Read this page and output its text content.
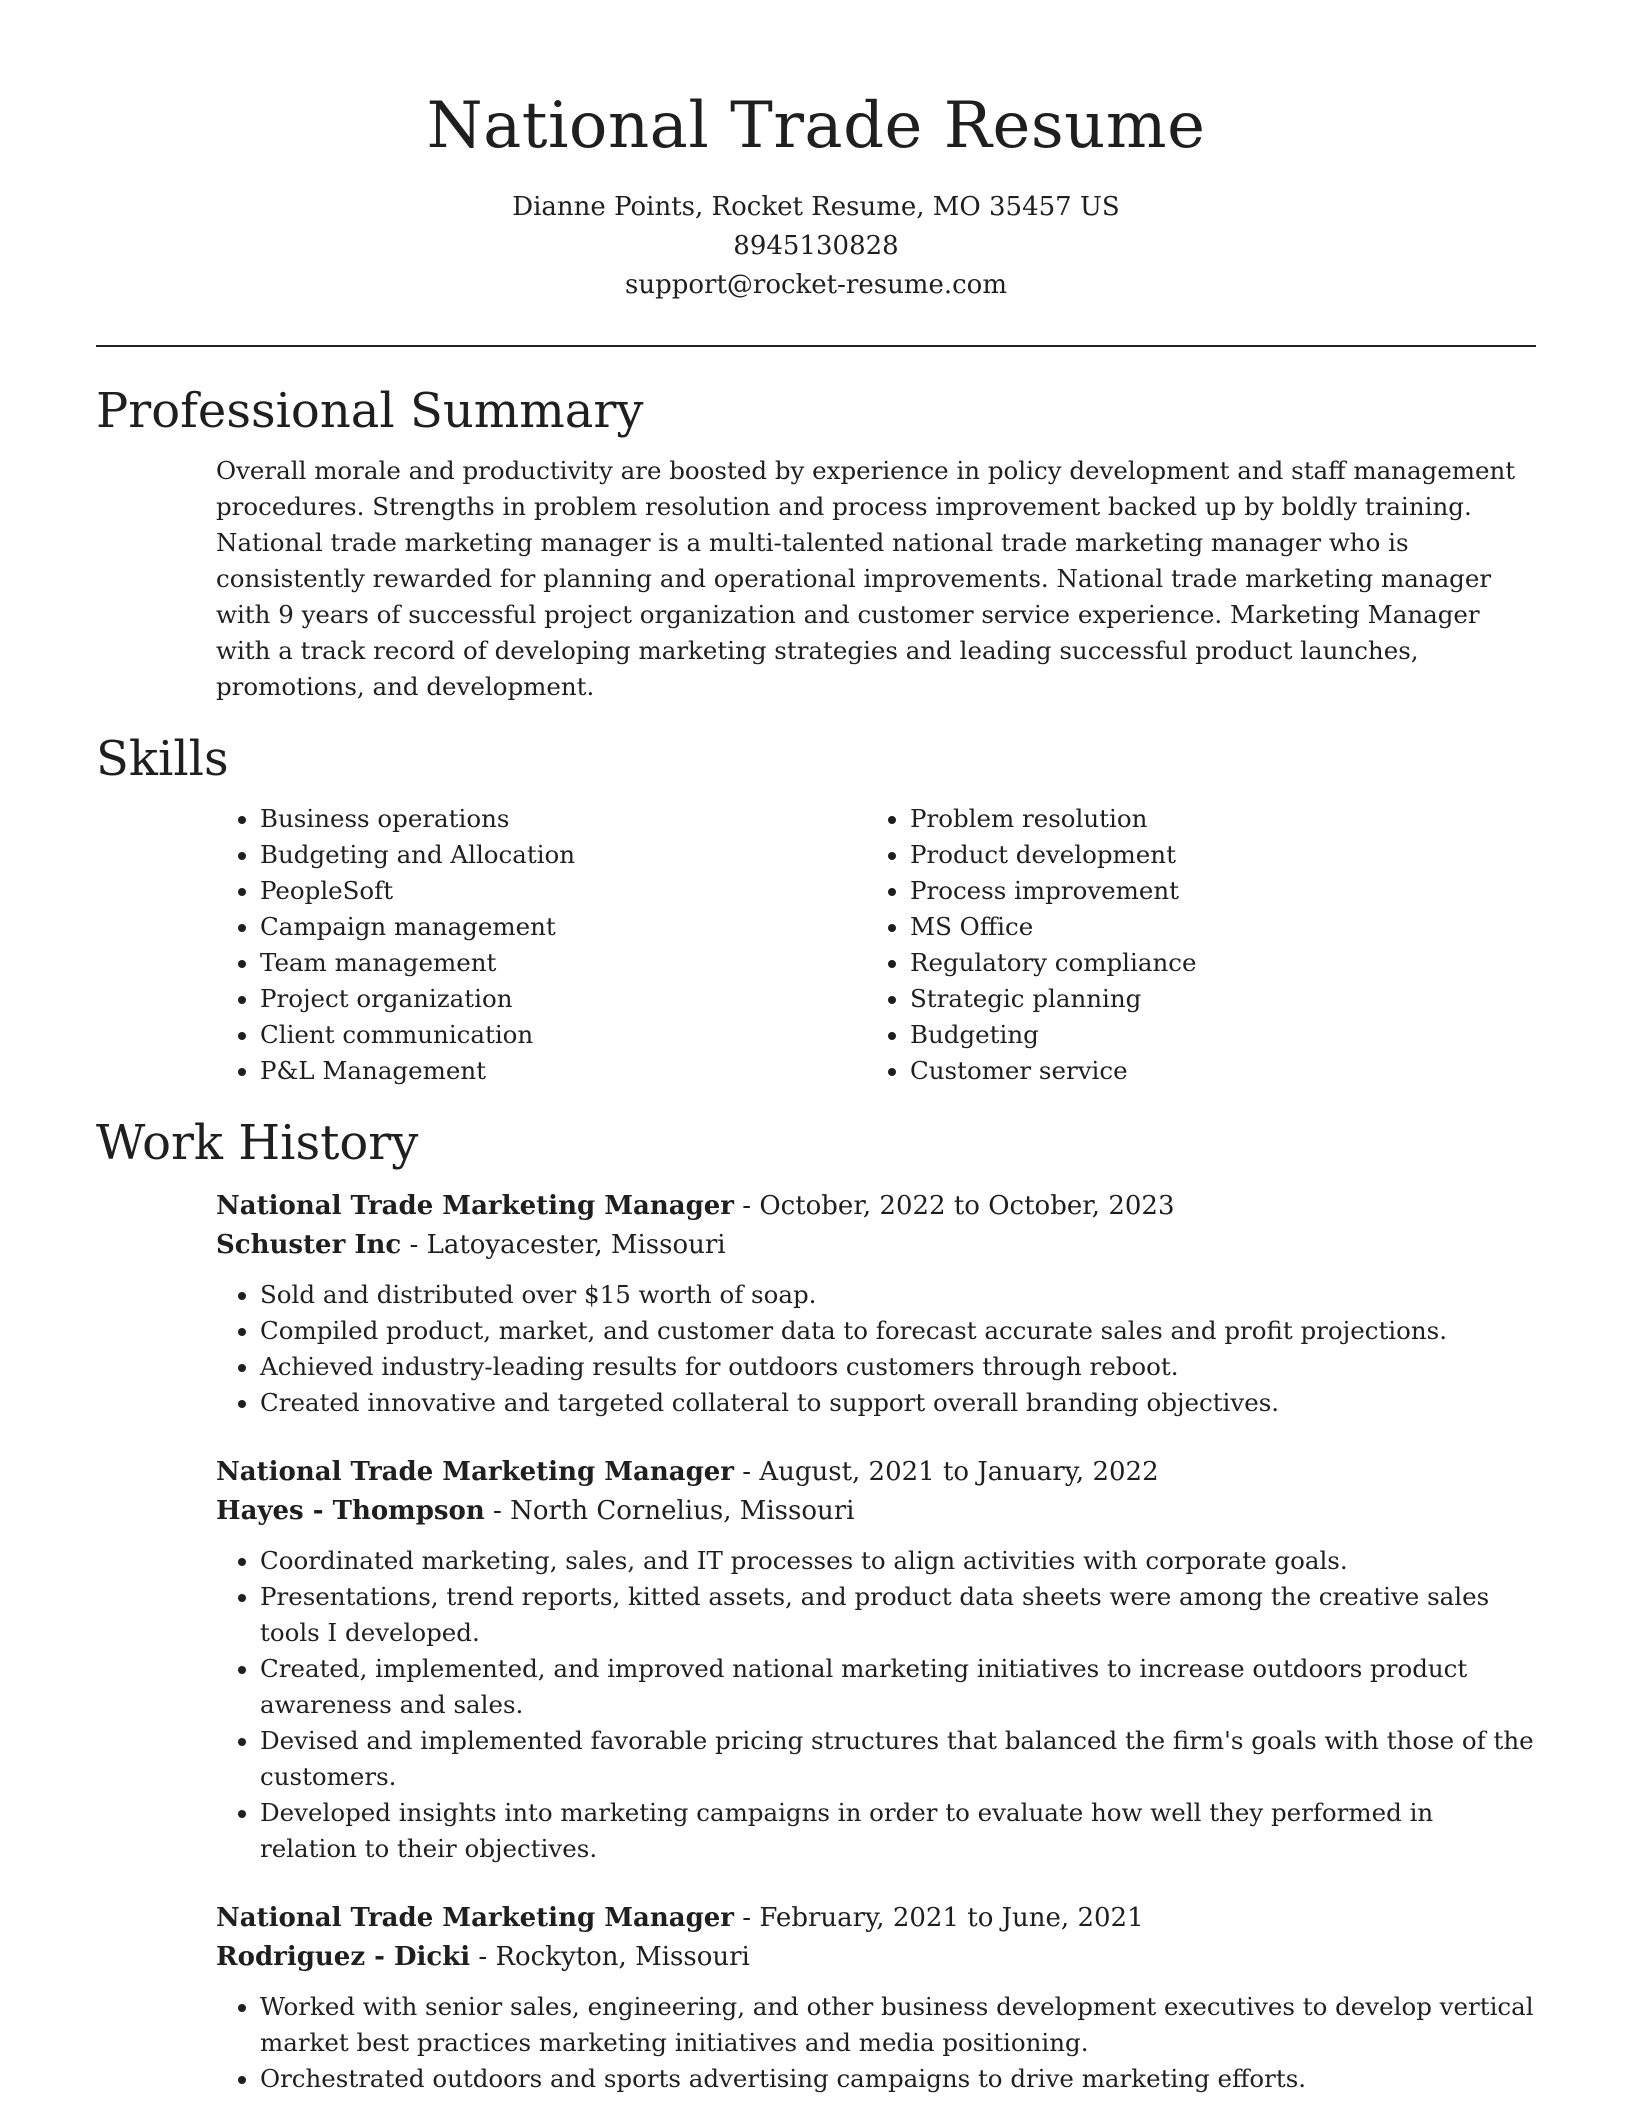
National Trade Resume
Dianne Points, Rocket Resume, MO 35457 US
8945130828
support@rocket-resume.com
Professional Summary

Overall morale and productivity are boosted by experience in policy development and staff management procedures. Strengths in problem resolution and process improvement backed up by boldly training. National trade marketing manager is a multi-talented national trade marketing manager who is consistently rewarded for planning and operational improvements. National trade marketing manager with 9 years of successful project organization and customer service experience. Marketing Manager with a track record of developing marketing strategies and leading successful product launches, promotions, and development.

Skills
• Business operations
• Budgeting and Allocation
• PeopleSoft
• Campaign management
• Team management
• Project organization
• Client communication
• P&L Management
• Problem resolution
• Product development
• Process improvement
• MS Office
• Regulatory compliance
• Strategic planning
• Budgeting
• Customer service
Work History
National Trade Marketing Manager - October, 2022 to October, 2023
Schuster Inc - Latoyacester, Missouri
• Sold and distributed over $15 worth of soap.
• Compiled product, market, and customer data to forecast accurate sales and profit projections.
• Achieved industry-leading results for outdoors customers through reboot.
• Created innovative and targeted collateral to support overall branding objectives.
National Trade Marketing Manager - August, 2021 to January, 2022
Hayes - Thompson - North Cornelius, Missouri
• Coordinated marketing, sales, and IT processes to align activities with corporate goals.
• Presentations, trend reports, kitted assets, and product data sheets were among the creative sales tools I developed.
• Created, implemented, and improved national marketing initiatives to increase outdoors product awareness and sales.
• Devised and implemented favorable pricing structures that balanced the firm's goals with those of the customers.
• Developed insights into marketing campaigns in order to evaluate how well they performed in relation to their objectives.
National Trade Marketing Manager - February, 2021 to June, 2021
Rodriguez - Dicki - Rockyton, Missouri
• Worked with senior sales, engineering, and other business development executives to develop vertical market best practices marketing initiatives and media positioning.
• Orchestrated outdoors and sports advertising campaigns to drive marketing efforts.
